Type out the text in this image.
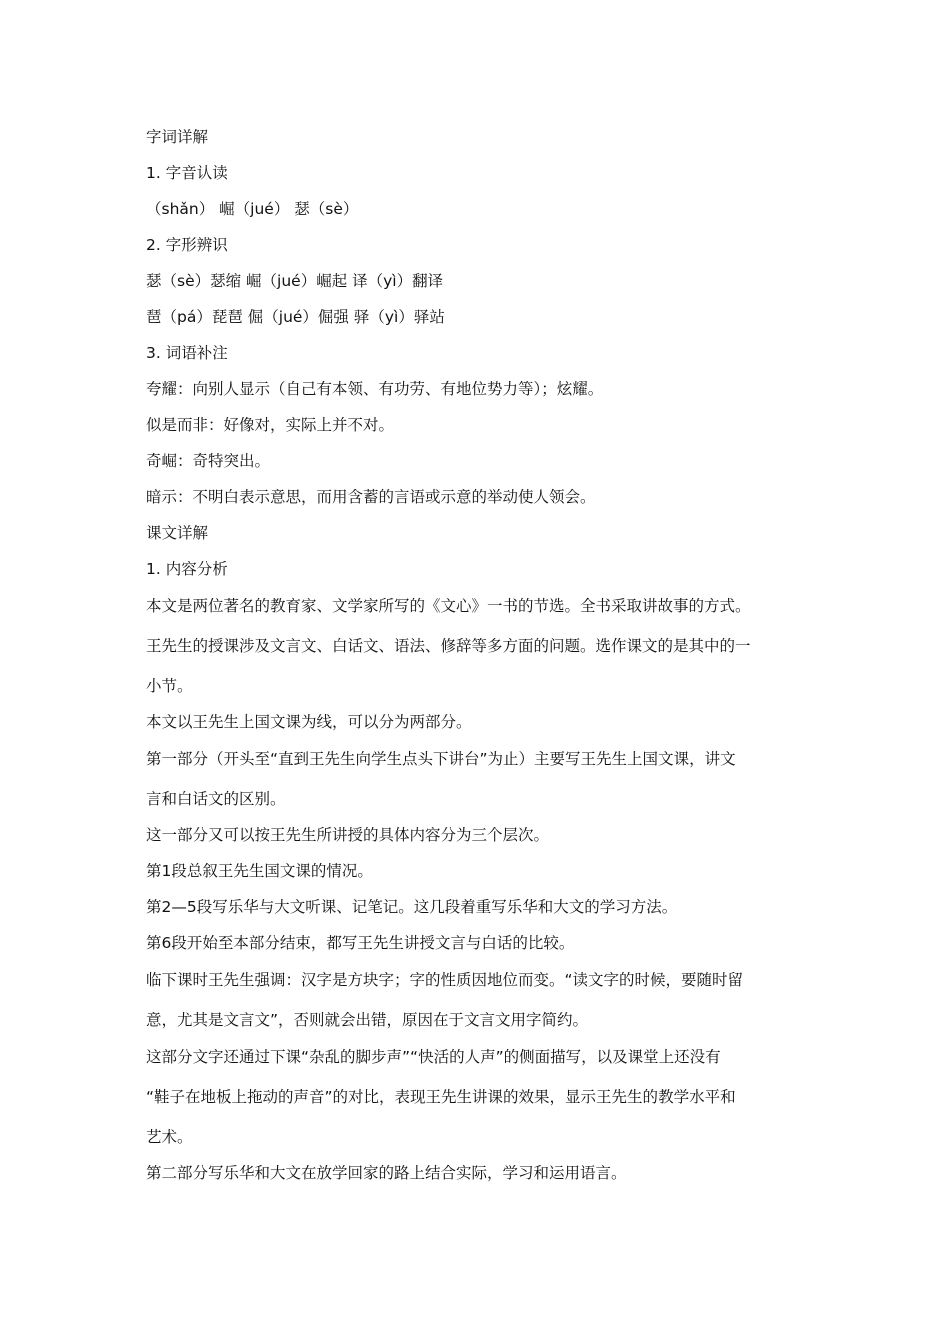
字词详解
1. 字音认读
（shǎn） 崛（jué） 瑟（sè）
2. 字形辨识
瑟（sè）瑟缩 崛（jué）崛起 译（yì）翻译
琶（pá）琵琶 倔（jué）倔强 驿（yì）驿站
3. 词语补注
夸耀：向别人显示（自己有本领、有功劳、有地位势力等）；炫耀。
似是而非：好像对，实际上并不对。
奇崛：奇特突出。
暗示：不明白表示意思，而用含蓄的言语或示意的举动使人领会。
课文详解
1. 内容分析
本文是两位著名的教育家、文学家所写的《文心》一书的节选。全书采取讲故事的方式。
王先生的授课涉及文言文、白话文、语法、修辞等多方面的问题。选作课文的是其中的一
小节。
本文以王先生上国文课为线，可以分为两部分。
第一部分（开头至“直到王先生向学生点头下讲台”为止）主要写王先生上国文课，讲文
言和白话文的区别。
这一部分又可以按王先生所讲授的具体内容分为三个层次。
第1段总叙王先生国文课的情况。
第2—5段写乐华与大文听课、记笔记。这几段着重写乐华和大文的学习方法。
第6段开始至本部分结束，都写王先生讲授文言与白话的比较。
临下课时王先生强调：汉字是方块字；字的性质因地位而变。“读文字的时候，要随时留
意，尤其是文言文”，否则就会出错，原因在于文言文用字简约。
这部分文字还通过下课“杂乱的脚步声”“快活的人声”的侧面描写，以及课堂上还没有
“鞋子在地板上拖动的声音”的对比，表现王先生讲课的效果，显示王先生的教学水平和
艺术。
第二部分写乐华和大文在放学回家的路上结合实际，学习和运用语言。
